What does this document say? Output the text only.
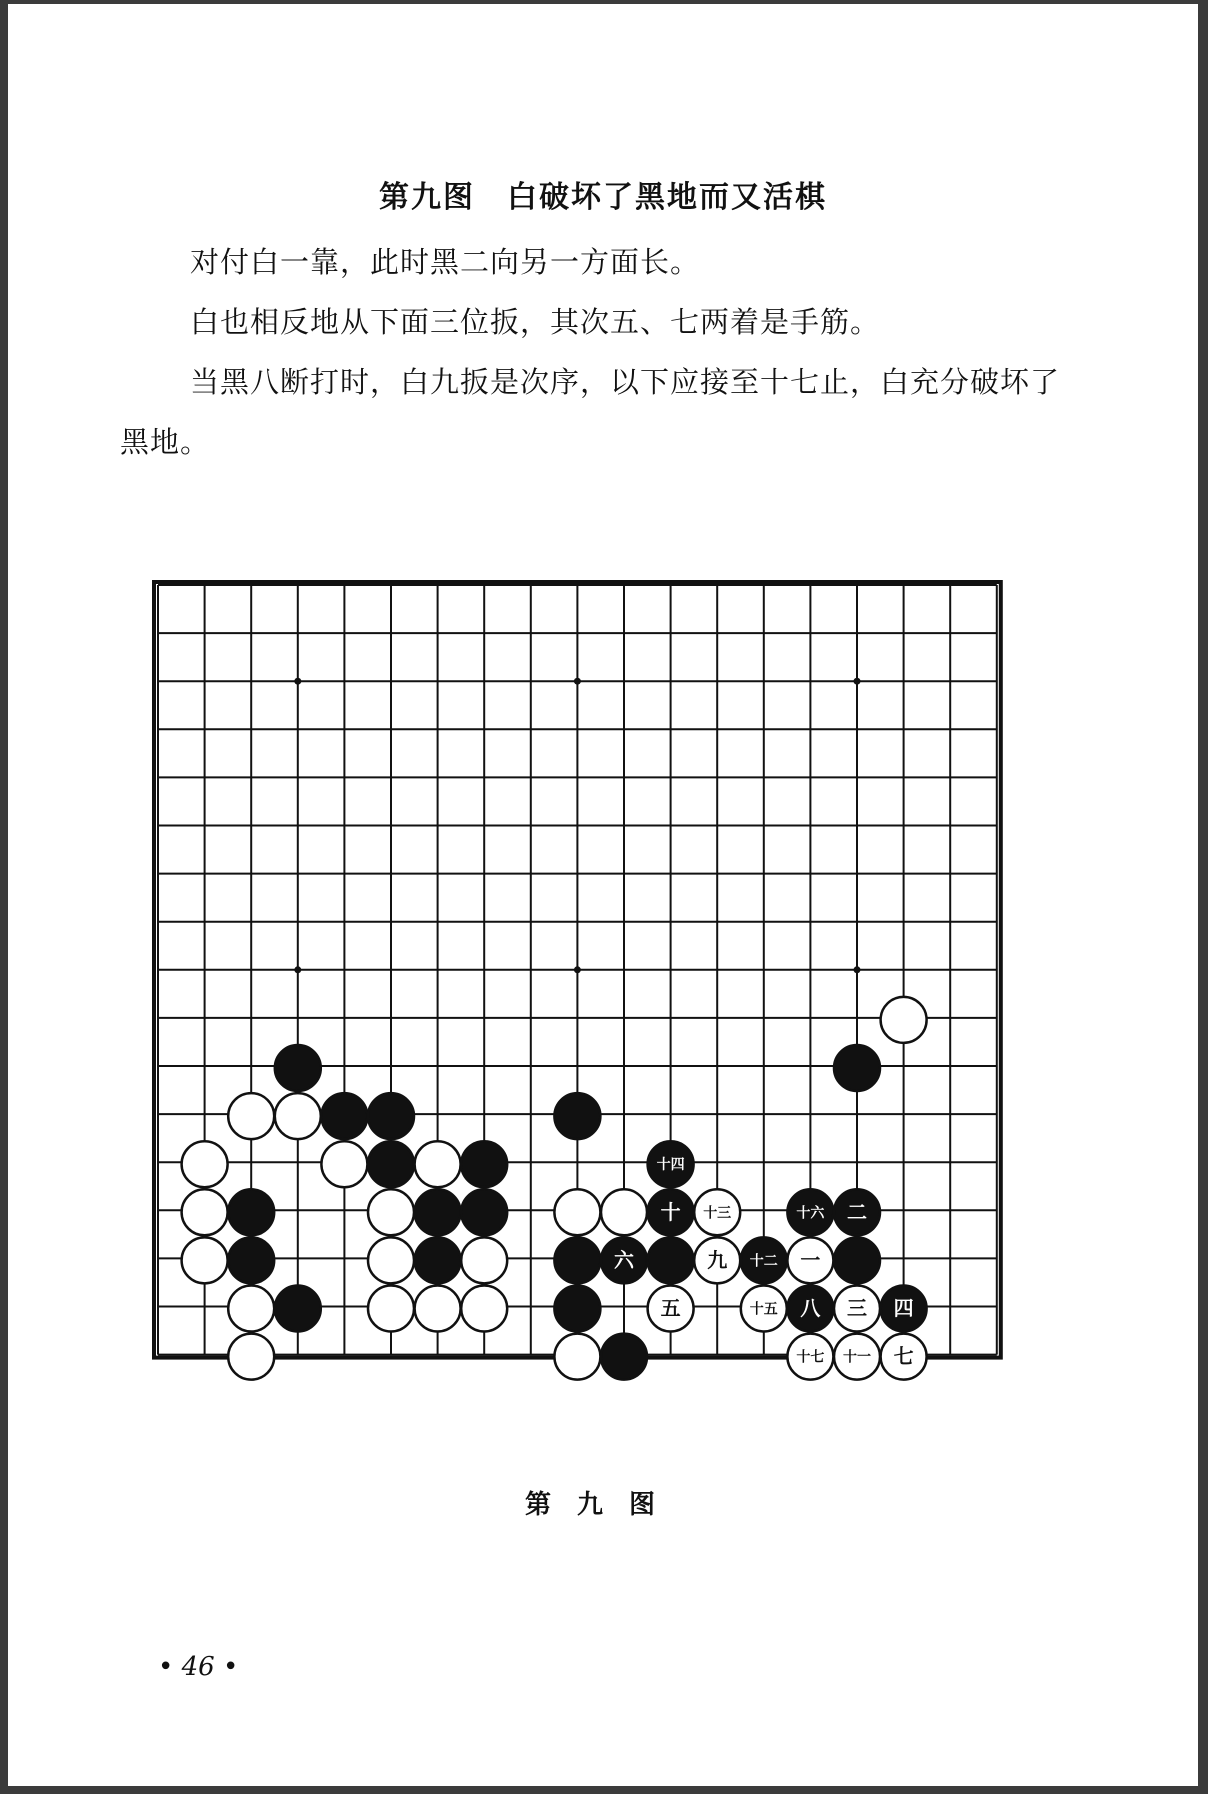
第九图　白破坏了黑地而又活棋

对付白一靠，此时黑二向另一方面长。

白也相反地从下面三位扳，其次五、七两着是手筋。

当黑八断打时，白九扳是次序，以下应接至十七止，白充分破坏了黑地。

十四
十 十三	十六 二
六	九 十二 一
五	十五 八 三 四
十七 十一 七
第九图
• 46 •
